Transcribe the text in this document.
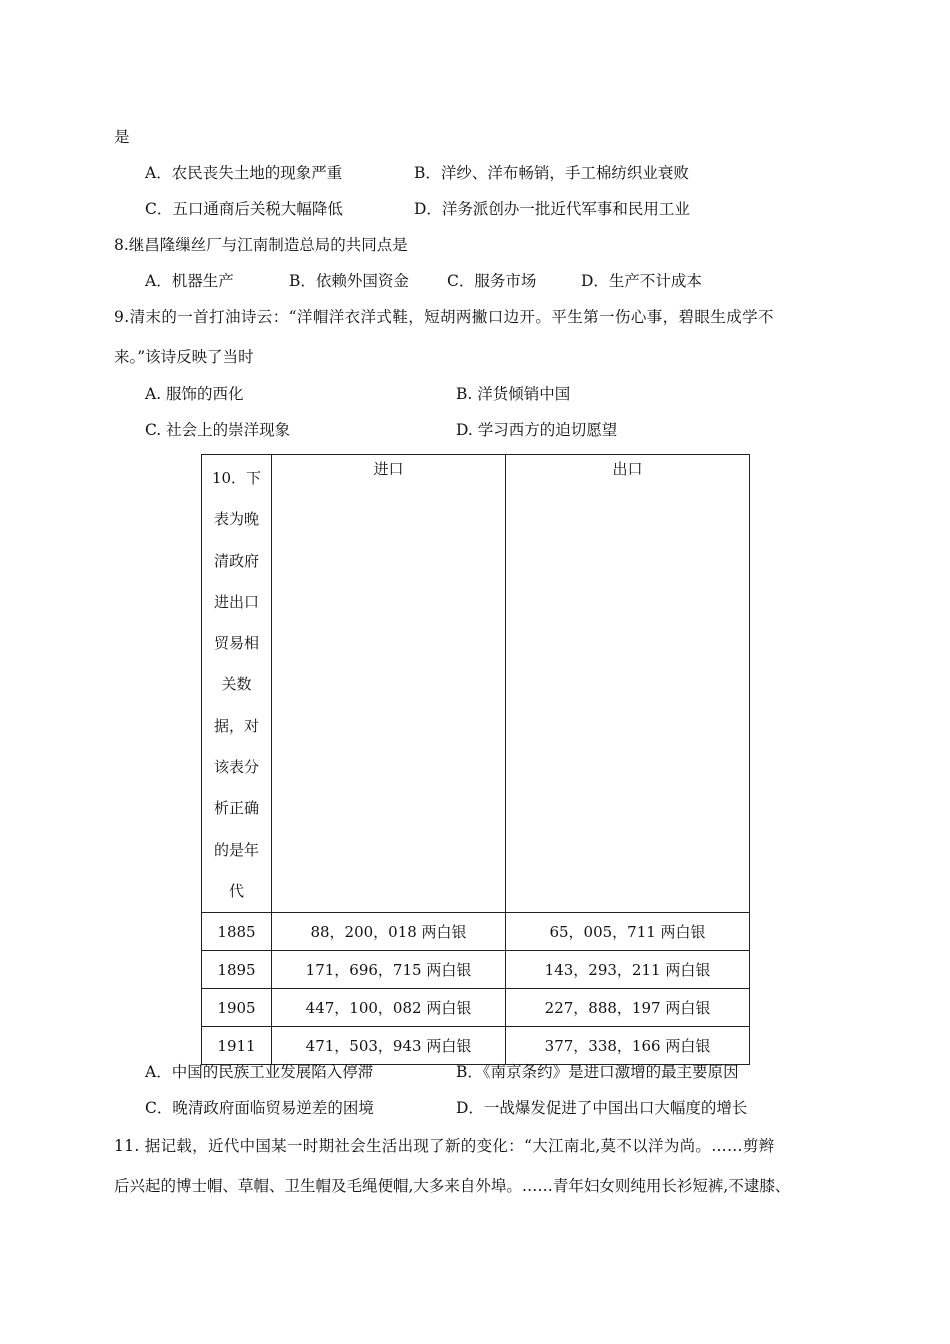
是
A．农民丧失土地的现象严重	B．洋纱、洋布畅销，手工棉纺织业衰败
C．五口通商后关税大幅降低	D．洋务派创办一批近代军事和民用工业
8.继昌隆缫丝厂与江南制造总局的共同点是
A．机器生产	B．依赖外国资金 C．服务市场	D．生产不计成本
9.清末的一首打油诗云：“洋帽洋衣洋式鞋，短胡两撇口边开。平生第一伤心事，碧眼生成学不
来。”该诗反映了当时
A. 服饰的西化	B. 洋货倾销中国
C. 社会上的崇洋现象	D. 学习西方的迫切愿望
10．下表为晚清政府进出口贸易相关数据，对该表分析正确的是年代	进口	出口
1885	88，200，018 两白银	65，005，711 两白银
1895	171，696，715 两白银	143，293，211 两白银
1905	447，100，082 两白银	227，888，197 两白银
1911	471，503，943 两白银	377，338，166 两白银
A．中国的民族工业发展陷入停滞	B．《南京条约》是进口激增的最主要原因
C．晚清政府面临贸易逆差的困境	D．一战爆发促进了中国出口大幅度的增长
11. 据记载，近代中国某一时期社会生活出现了新的变化：“大江南北,莫不以洋为尚。……剪辫
后兴起的博士帽、草帽、卫生帽及毛绳便帽,大多来自外埠。……青年妇女则纯用长衫短裤,不逮膝、
